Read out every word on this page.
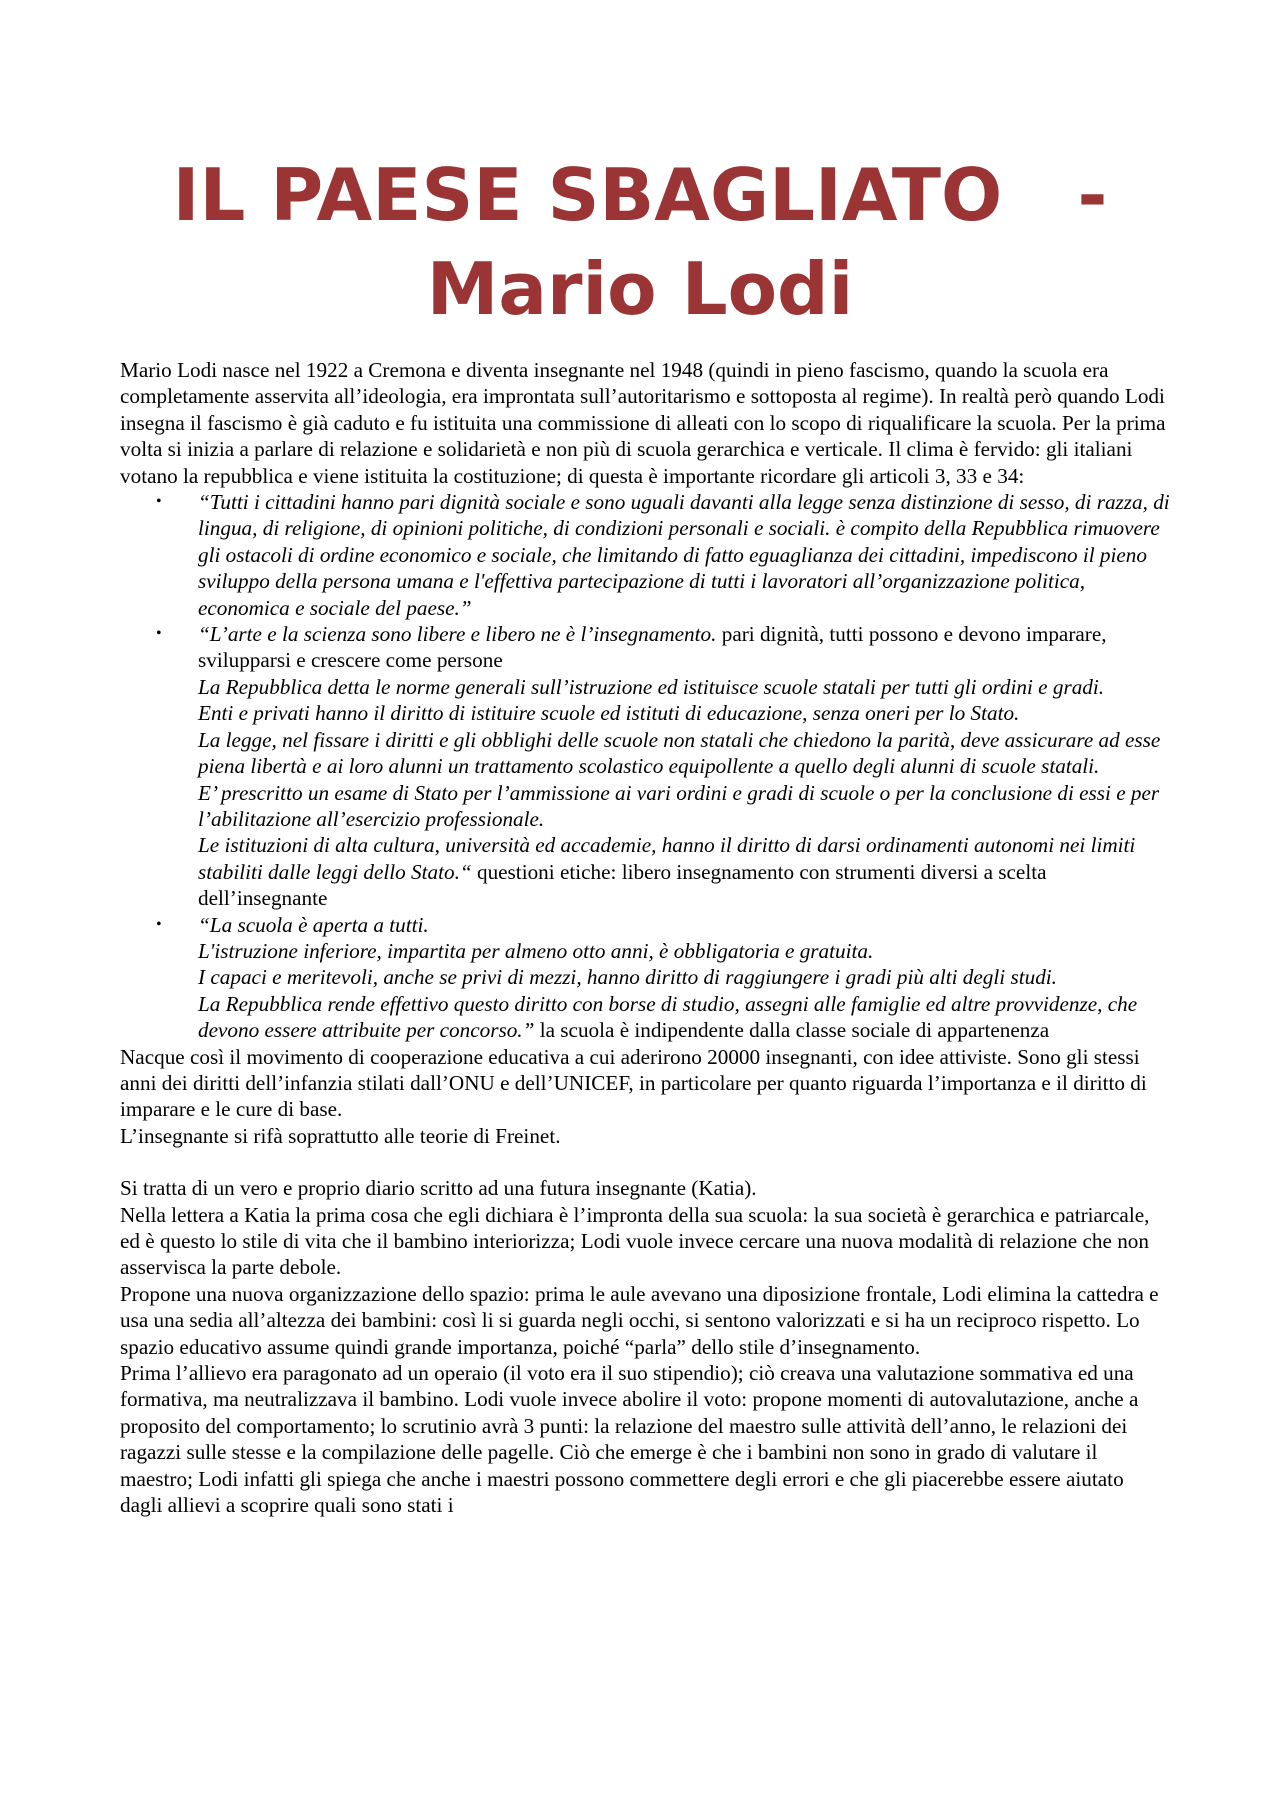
IL PAESE SBAGLIATO   -
Mario Lodi

Mario Lodi nasce nel 1922 a Cremona e diventa insegnante nel 1948 (quindi in pieno fascismo, quando la scuola era completamente asservita all’ideologia, era improntata sull’autoritarismo e sottoposta al regime). In realtà però quando Lodi insegna il fascismo è già caduto e fu istituita una commissione di alleati con lo scopo di riqualificare la scuola. Per la prima volta si inizia a parlare di relazione e solidarietà e non più di scuola gerarchica e verticale. Il clima è fervido: gli italiani votano la repubblica e viene istituita la costituzione; di questa è importante ricordare gli articoli 3, 33 e 34:

• “Tutti i cittadini hanno pari dignità sociale e sono uguali davanti alla legge senza distinzione di sesso, di razza, di lingua, di religione, di opinioni politiche, di condizioni personali e sociali. è compito della Repubblica rimuovere gli ostacoli di ordine economico e sociale, che limitando di fatto eguaglianza dei cittadini, impediscono il pieno sviluppo della persona umana e l'effettiva partecipazione di tutti i lavoratori all’organizzazione politica, economica e sociale del paese.”

• “L’arte e la scienza sono libere e libero ne è l’insegnamento. pari dignità, tutti possono e devono imparare, svilupparsi e crescere come persone

La Repubblica detta le norme generali sull’istruzione ed istituisce scuole statali per tutti gli ordini e gradi.

Enti e privati hanno il diritto di istituire scuole ed istituti di educazione, senza oneri per lo Stato.

La legge, nel fissare i diritti e gli obblighi delle scuole non statali che chiedono la parità, deve assicurare ad esse piena libertà e ai loro alunni un trattamento scolastico equipollente a quello degli alunni di scuole statali.

E’ prescritto un esame di Stato per l’ammissione ai vari ordini e gradi di scuole o per la conclusione di essi e per l’abilitazione all’esercizio professionale.

Le istituzioni di alta cultura, università ed accademie, hanno il diritto di darsi ordinamenti autonomi nei limiti stabiliti dalle leggi dello Stato.“ questioni etiche: libero insegnamento con strumenti diversi a scelta dell’insegnante

• “La scuola è aperta a tutti.

L'istruzione inferiore, impartita per almeno otto anni, è obbligatoria e gratuita.

I capaci e meritevoli, anche se privi di mezzi, hanno diritto di raggiungere i gradi più alti degli studi.

La Repubblica rende effettivo questo diritto con borse di studio, assegni alle famiglie ed altre provvidenze, che devono essere attribuite per concorso.” la scuola è indipendente dalla classe sociale di appartenenza

Nacque così il movimento di cooperazione educativa a cui aderirono 20000 insegnanti, con idee attiviste. Sono gli stessi anni dei diritti dell’infanzia stilati dall’ONU e dell’UNICEF, in particolare per quanto riguarda l’importanza e il diritto di imparare e le cure di base.

L’insegnante si rifà soprattutto alle teorie di Freinet.

Si tratta di un vero e proprio diario scritto ad una futura insegnante (Katia).

Nella lettera a Katia la prima cosa che egli dichiara è l’impronta della sua scuola: la sua società è gerarchica e patriarcale, ed è questo lo stile di vita che il bambino interiorizza; Lodi vuole invece cercare una nuova modalità di relazione che non asservisca la parte debole.

Propone una nuova organizzazione dello spazio: prima le aule avevano una diposizione frontale, Lodi elimina la cattedra e usa una sedia all’altezza dei bambini: così li si guarda negli occhi, si sentono valorizzati e si ha un reciproco rispetto. Lo spazio educativo assume quindi grande importanza, poiché “parla” dello stile d’insegnamento.

Prima l’allievo era paragonato ad un operaio (il voto era il suo stipendio); ciò creava una valutazione sommativa ed una formativa, ma neutralizzava il bambino. Lodi vuole invece abolire il voto: propone momenti di autovalutazione, anche a proposito del comportamento; lo scrutinio avrà 3 punti: la relazione del maestro sulle attività dell’anno, le relazioni dei ragazzi sulle stesse e la compilazione delle pagelle. Ciò che emerge è che i bambini non sono in grado di valutare il maestro; Lodi infatti gli spiega che anche i maestri possono commettere degli errori e che gli piacerebbe essere aiutato dagli allievi a scoprire quali sono stati i
